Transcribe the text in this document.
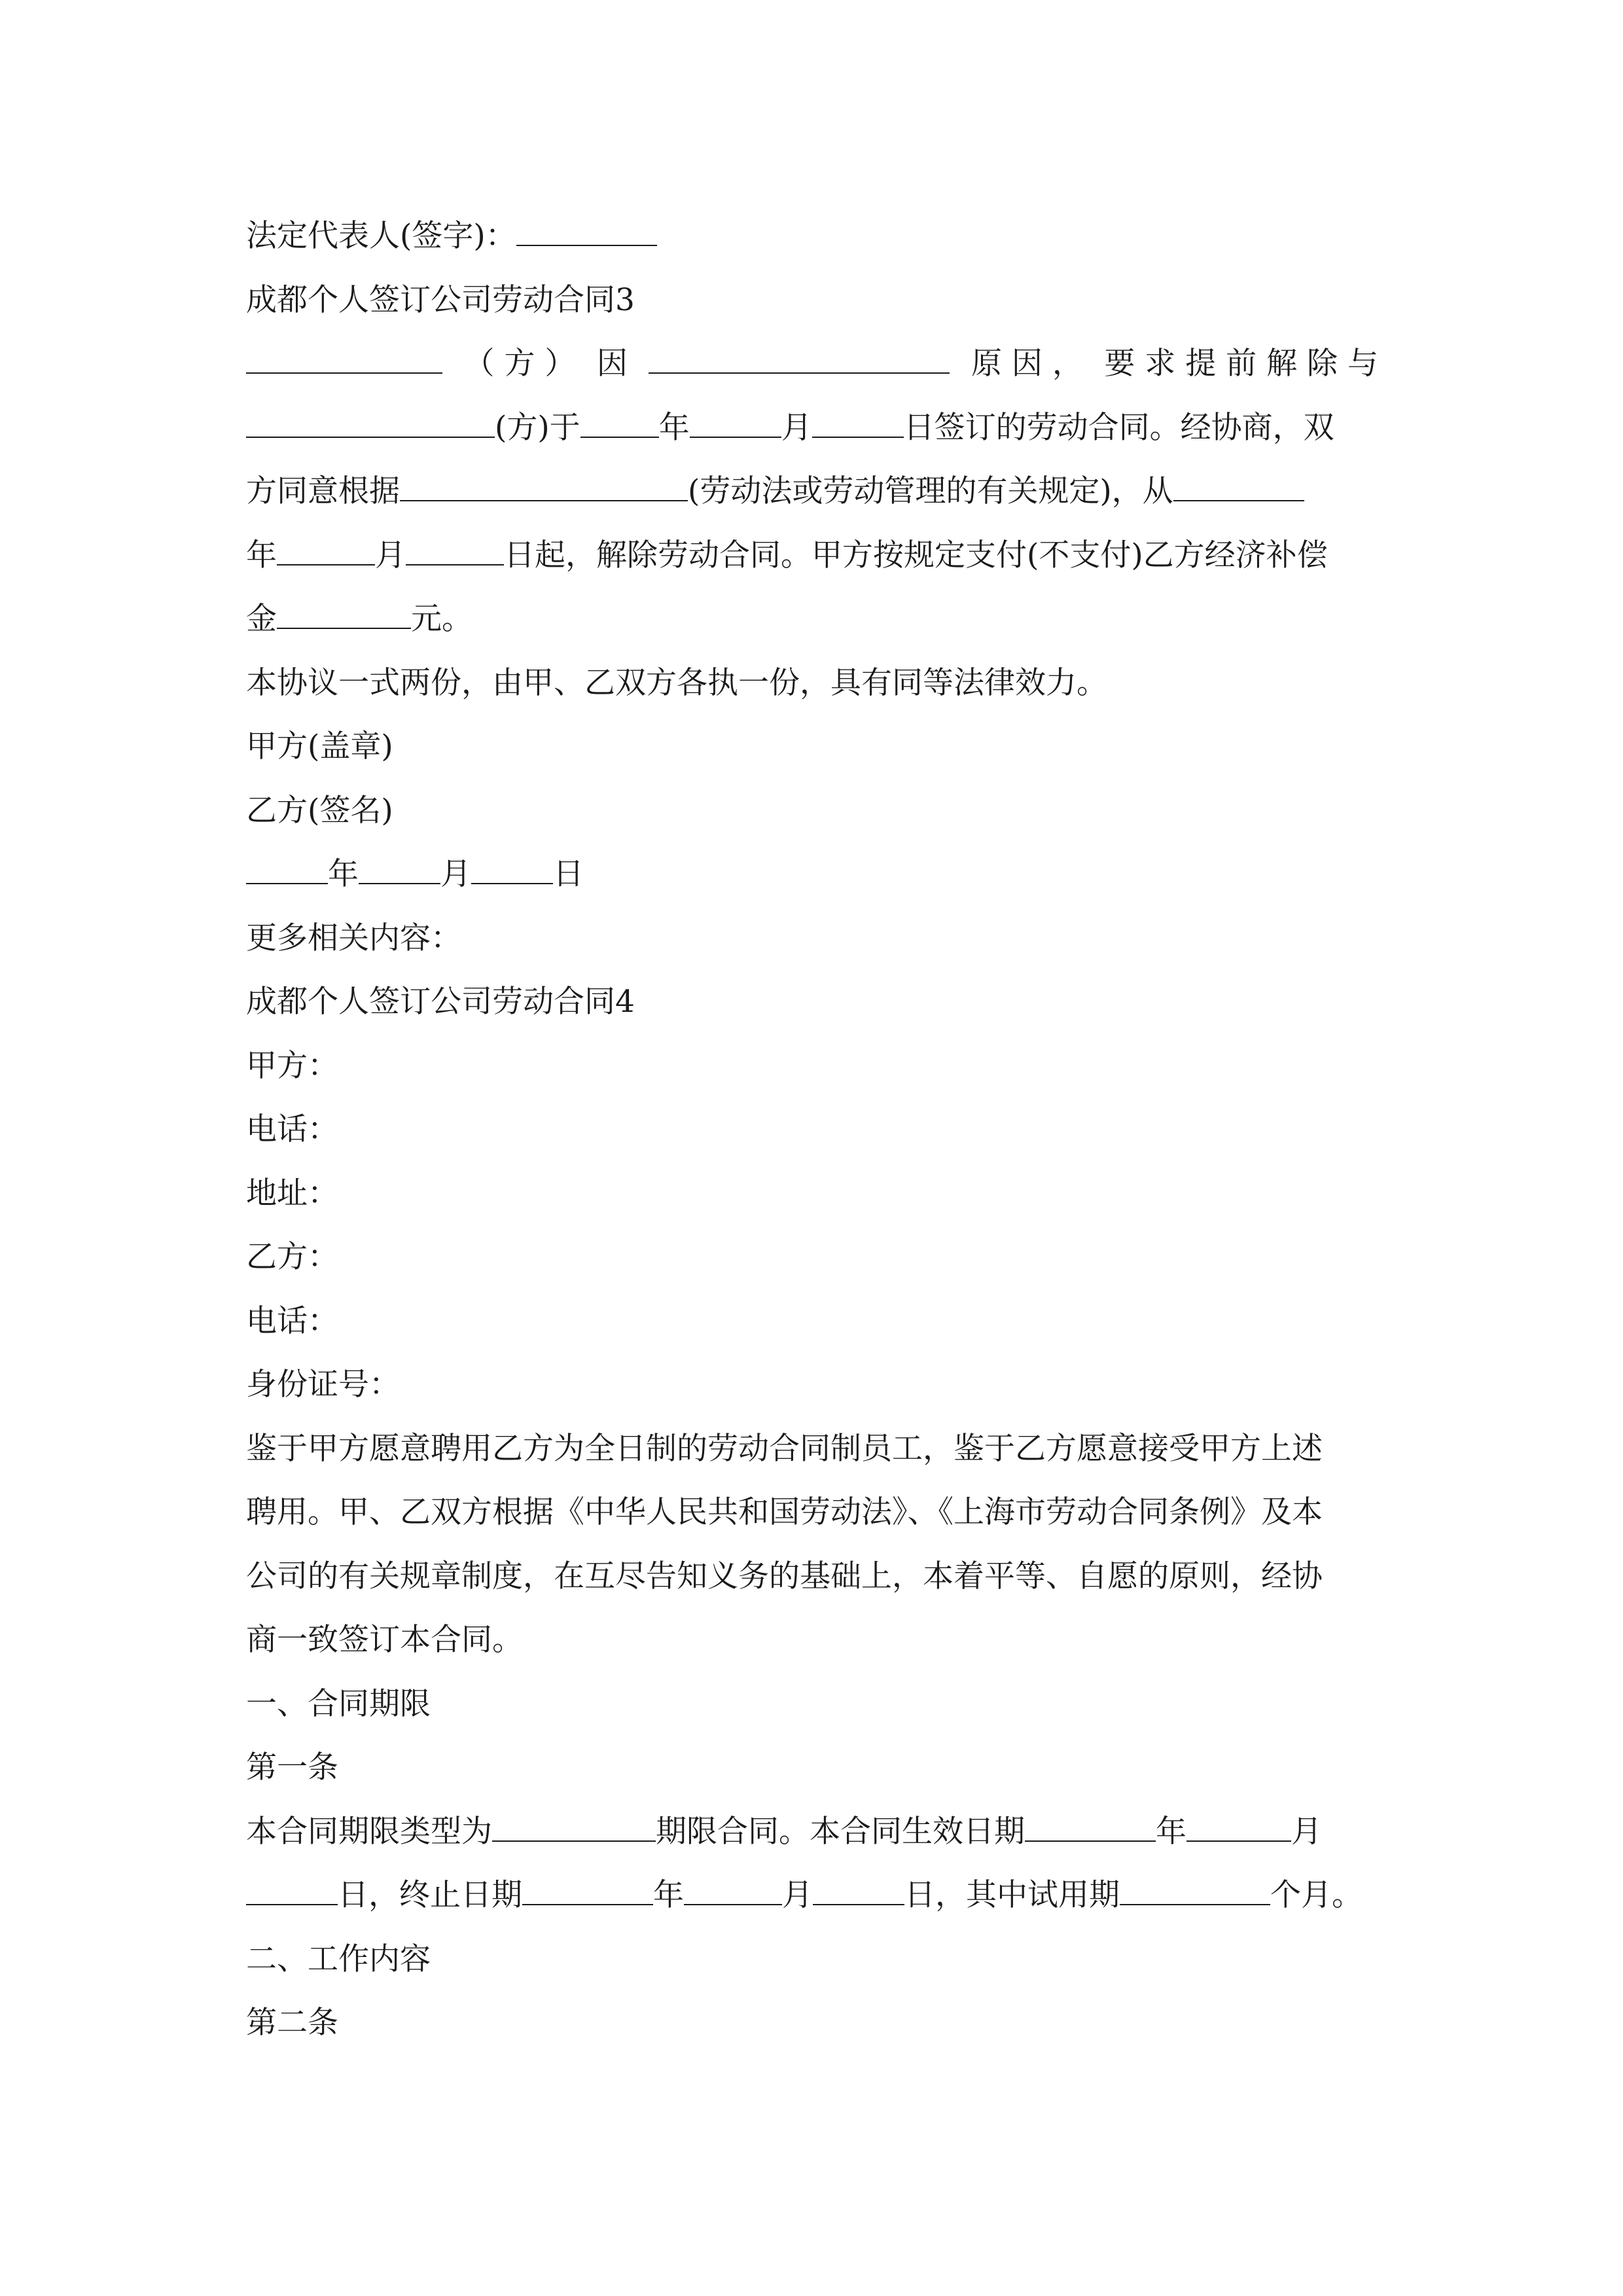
法定代表人(签字)：
成都个人签订公司劳动合同3
（ 方 ） 因	原 因 ， 要 求 提 前 解 除 与
(方)于	年	月	日签订的劳动合同。经协商，双
方同意根据	(劳动法或劳动管理的有关规定)，从
年	月	日起，解除劳动合同。甲方按规定支付(不支付)乙方经济补偿
金	元。
本协议一式两份，由甲、乙双方各执一份，具有同等法律效力。
甲方(盖章)
乙方(签名)
年	月	日
更多相关内容：
成都个人签订公司劳动合同4
甲方：
电话：
地址：
乙方：
电话：
身份证号：
鉴于甲方愿意聘用乙方为全日制的劳动合同制员工，鉴于乙方愿意接受甲方上述
聘用。甲、乙双方根据《中华人民共和国劳动法》、《上海市劳动合同条例》及本
公司的有关规章制度，在互尽告知义务的基础上，本着平等、自愿的原则，经协
商一致签订本合同。
一、合同期限
第一条
本合同期限类型为	期限合同。本合同生效日期	年	月
日，终止日期	年	月	日，其中试用期	个月。
二、工作内容
第二条
